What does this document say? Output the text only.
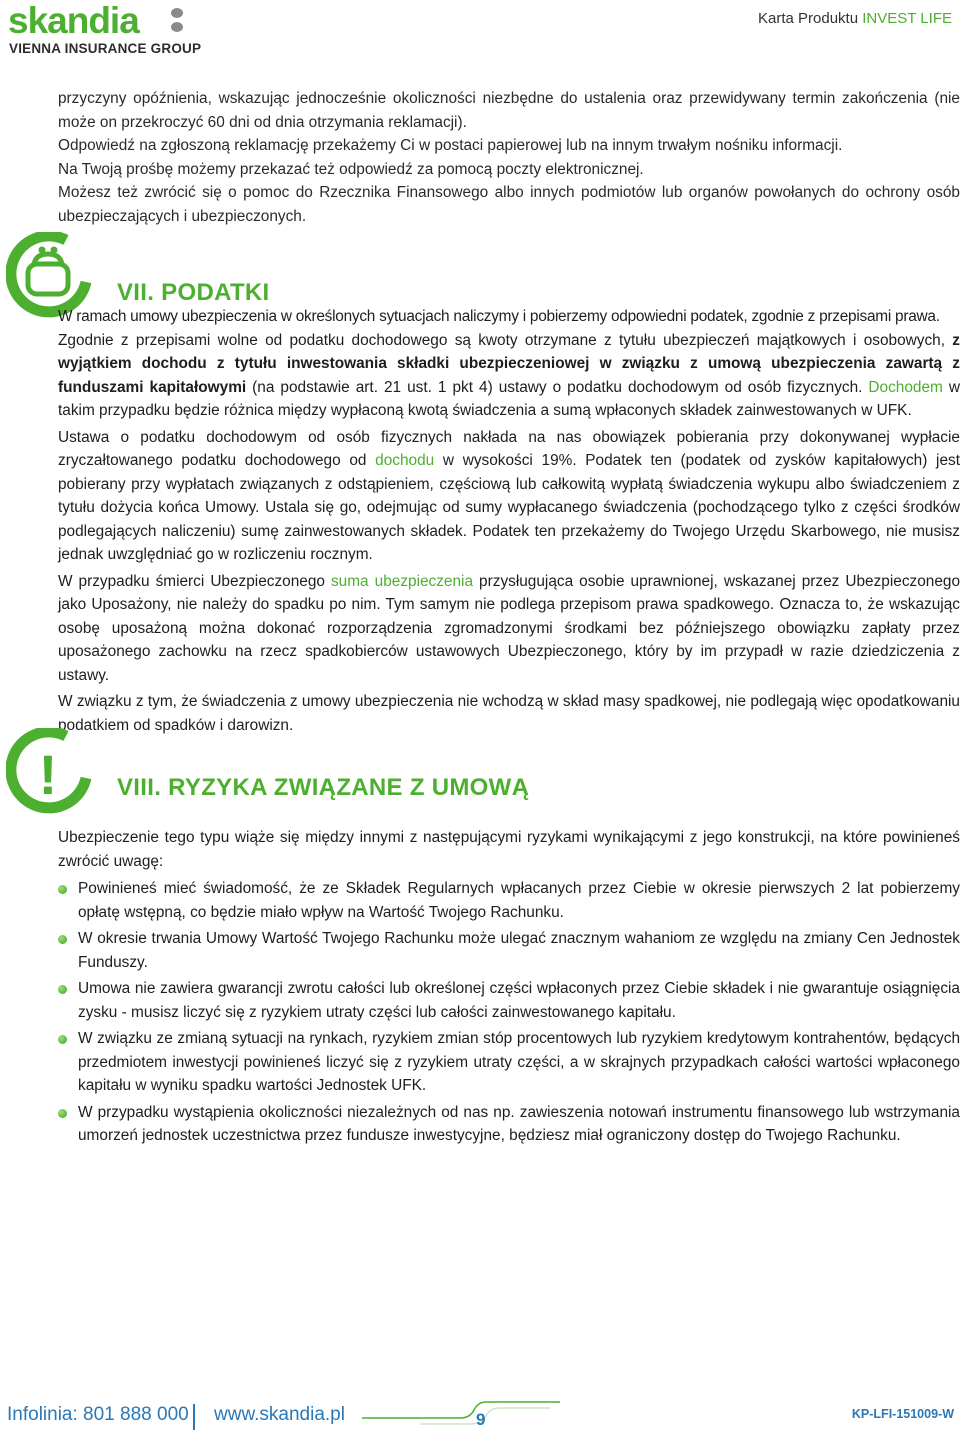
skandia
VIENNA INSURANCE GROUP
Karta Produktu INVEST LIFE

przyczyny opóźnienia, wskazując jednocześnie okoliczności niezbędne do ustalenia oraz przewidywany termin zakończenia (nie może on przekroczyć 60 dni od dnia otrzymania reklamacji).

Odpowiedź na zgłoszoną reklamację przekażemy Ci w postaci papierowej lub na innym trwałym nośniku informacji.

Na Twoją prośbę możemy przekazać też odpowiedź za pomocą poczty elektronicznej.

Możesz też zwrócić się o pomoc do Rzecznika Finansowego albo innych podmiotów lub organów powołanych do ochrony osób ubezpieczających i ubezpieczonych.

VII. PODATKI

W ramach umowy ubezpieczenia w określonych sytuacjach naliczymy i pobierzemy odpowiedni podatek, zgodnie z przepisami prawa.

Zgodnie z przepisami wolne od podatku dochodowego są kwoty otrzymane z tytułu ubezpieczeń majątkowych i osobowych, z wyjątkiem dochodu z tytułu inwestowania składki ubezpieczeniowej w związku z umową ubezpieczenia zawartą z funduszami kapitałowymi (na podstawie art. 21 ust. 1 pkt 4) ustawy o podatku dochodowym od osób fizycznych. Dochodem w takim przypadku będzie różnica między wypłaconą kwotą świadczenia a sumą wpłaconych składek zainwestowanych w UFK.

Ustawa o podatku dochodowym od osób fizycznych nakłada na nas obowiązek pobierania przy dokonywanej wypłacie zryczałtowanego podatku dochodowego od dochodu w wysokości 19%. Podatek ten (podatek od zysków kapitałowych) jest pobierany przy wypłatach związanych z odstąpieniem, częściową lub całkowitą wypłatą świadczenia wykupu albo świadczeniem z tytułu dożycia końca Umowy. Ustala się go, odejmując od sumy wypłacanego świadczenia (pochodzącego tylko z części środków podlegających naliczeniu) sumę zainwestowanych składek. Podatek ten przekażemy do Twojego Urzędu Skarbowego, nie musisz jednak uwzględniać go w rozliczeniu rocznym.

W przypadku śmierci Ubezpieczonego suma ubezpieczenia przysługująca osobie uprawnionej, wskazanej przez Ubezpieczonego jako Uposażony, nie należy do spadku po nim. Tym samym nie podlega przepisom prawa spadkowego. Oznacza to, że wskazując osobę uposażoną można dokonać rozporządzenia zgromadzonymi środkami bez późniejszego obowiązku zapłaty przez uposażonego zachowku na rzecz spadkobierców ustawowych Ubezpieczonego, który by im przypadł w razie dziedziczenia z ustawy.

W związku z tym, że świadczenia z umowy ubezpieczenia nie wchodzą w skład masy spadkowej, nie podlegają więc opodatkowaniu podatkiem od spadków i darowizn.

! VIII. RYZYKA ZWIĄZANE Z UMOWĄ

Ubezpieczenie tego typu wiąże się między innymi z następującymi ryzykami wynikającymi z jego konstrukcji, na które powinieneś zwrócić uwagę:

Powinieneś mieć świadomość, że ze Składek Regularnych wpłacanych przez Ciebie w okresie pierwszych 2 lat pobierzemy opłatę wstępną, co będzie miało wpływ na Wartość Twojego Rachunku.
W okresie trwania Umowy Wartość Twojego Rachunku może ulegać znacznym wahaniom ze względu na zmiany Cen Jednostek Funduszy.
Umowa nie zawiera gwarancji zwrotu całości lub określonej części wpłaconych przez Ciebie składek i nie gwarantuje osiągnięcia zysku - musisz liczyć się z ryzykiem utraty części lub całości zainwestowanego kapitału.
W związku ze zmianą sytuacji na rynkach, ryzykiem zmian stóp procentowych lub ryzykiem kredytowym kontrahentów, będących przedmiotem inwestycji powinieneś liczyć się z ryzykiem utraty części, a w skrajnych przypadkach całości wartości wpłaconego kapitału w wyniku spadku wartości Jednostek UFK.
W przypadku wystąpienia okoliczności niezależnych od nas np. zawieszenia notowań instrumentu finansowego lub wstrzymania umorzeń jednostek uczestnictwa przez fundusze inwestycyjne, będziesz miał ograniczony dostęp do Twojego Rachunku.
Infolinia: 801 888 000 www.skandia.pl	9	KP-LFI-151009-W
